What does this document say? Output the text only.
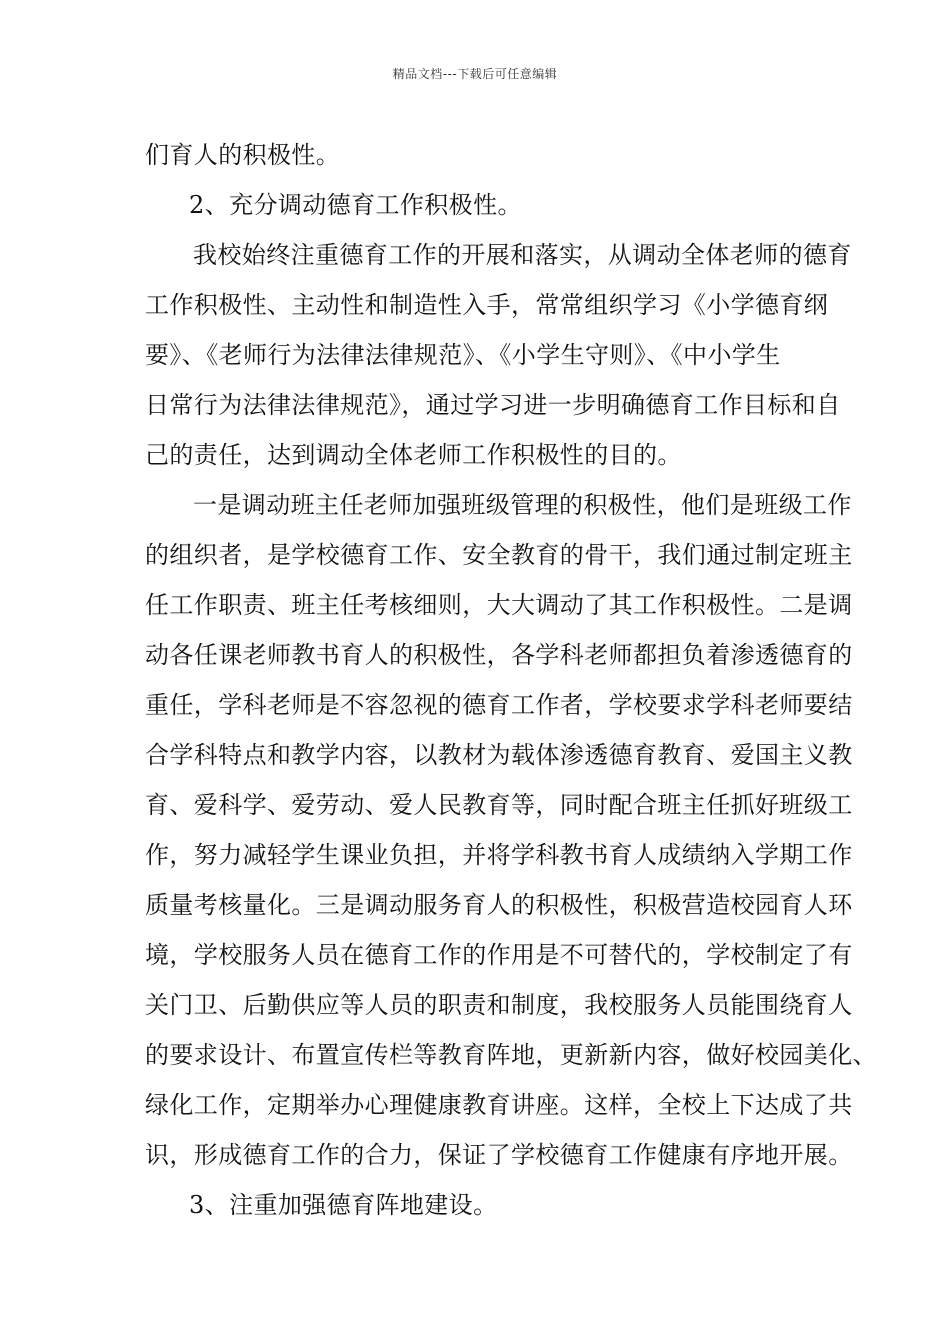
精品文档---下载后可任意编辑
们育人的积极性。
2、充分调动德育工作积极性。
我校始终注重德育工作的开展和落实，从调动全体老师的德育
工作积极性、主动性和制造性入手，常常组织学习《小学德育纲
要》、《老师行为法律法律规范》、《小学生守则》、《中小学生
日常行为法律法律规范》，通过学习进一步明确德育工作目标和自
己的责任，达到调动全体老师工作积极性的目的。
一是调动班主任老师加强班级管理的积极性，他们是班级工作
的组织者，是学校德育工作、安全教育的骨干，我们通过制定班主
任工作职责、班主任考核细则，大大调动了其工作积极性。二是调
动各任课老师教书育人的积极性，各学科老师都担负着渗透德育的
重任，学科老师是不容忽视的德育工作者，学校要求学科老师要结
合学科特点和教学内容，以教材为载体渗透德育教育、爱国主义教
育、爱科学、爱劳动、爱人民教育等，同时配合班主任抓好班级工
作，努力减轻学生课业负担，并将学科教书育人成绩纳入学期工作
质量考核量化。三是调动服务育人的积极性，积极营造校园育人环
境，学校服务人员在德育工作的作用是不可替代的，学校制定了有
关门卫、后勤供应等人员的职责和制度，我校服务人员能围绕育人
的要求设计、布置宣传栏等教育阵地，更新新内容，做好校园美化、
绿化工作，定期举办心理健康教育讲座。这样，全校上下达成了共
识，形成德育工作的合力，保证了学校德育工作健康有序地开展。
3、注重加强德育阵地建设。
